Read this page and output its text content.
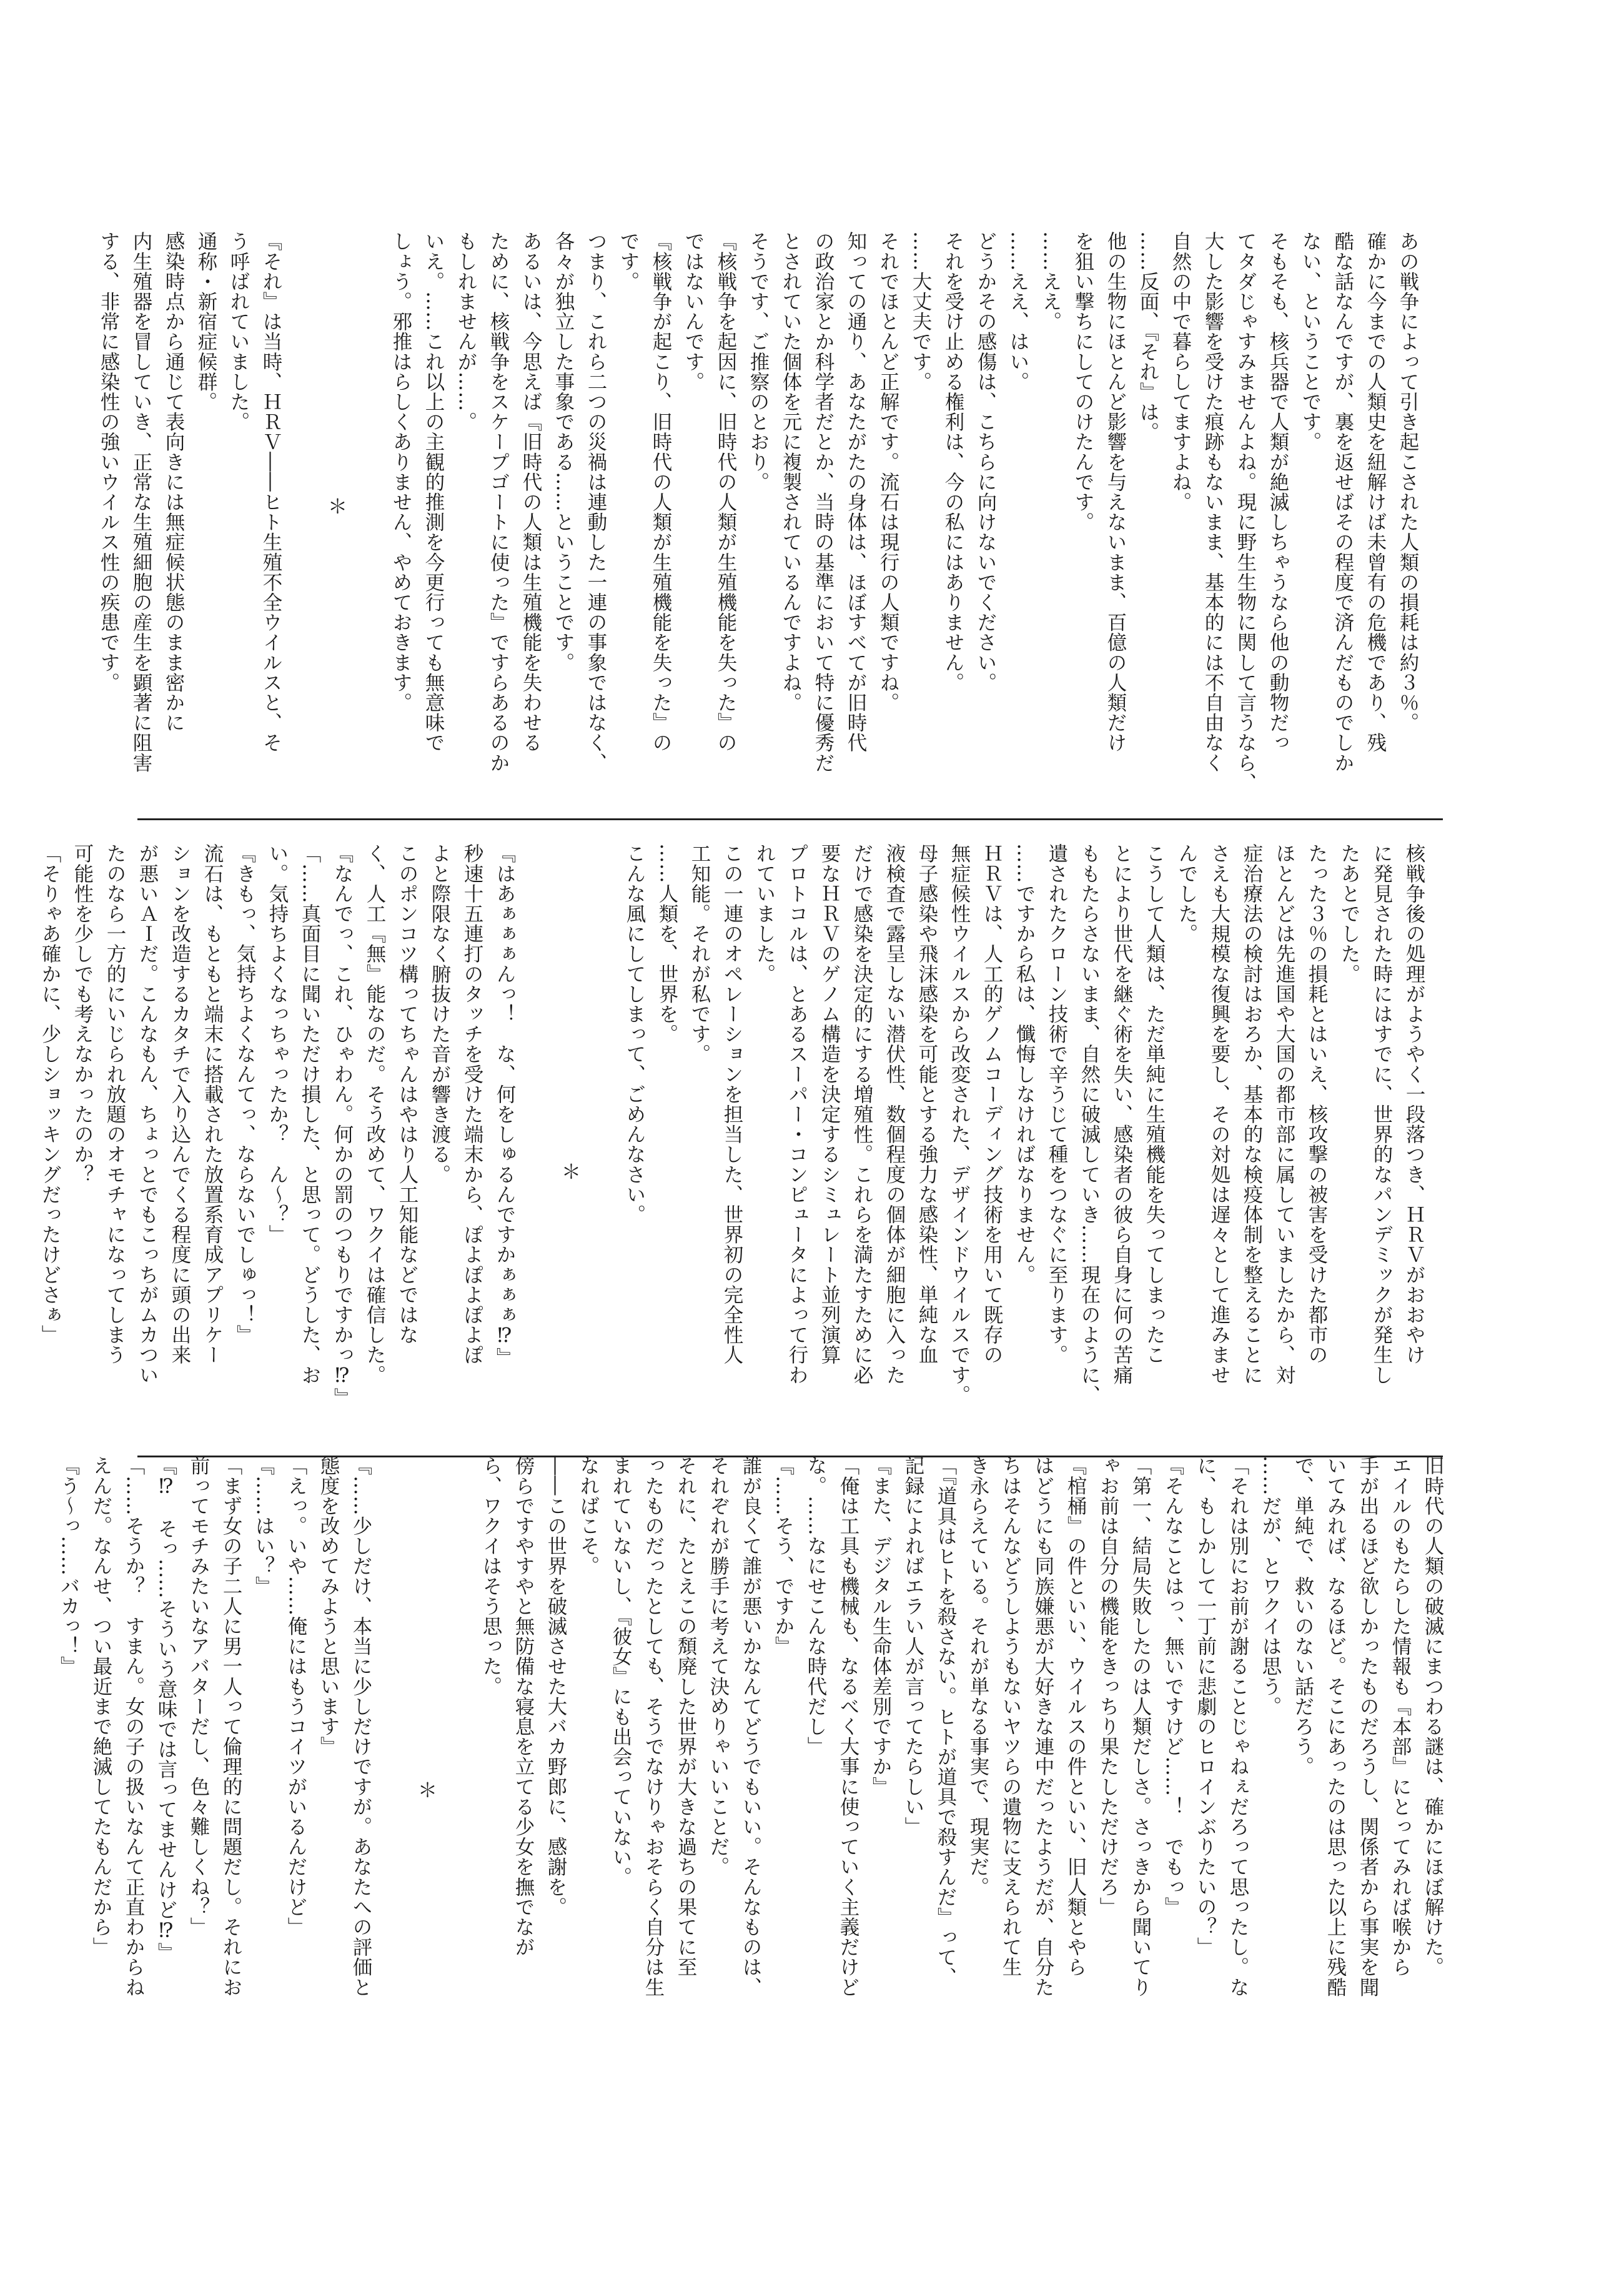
あの戦争によって引き起こされた人類の損耗は約３％。
確かに今までの人類史を紐解けば未曾有の危機であり、残
酷な話なんですが、裏を返せばその程度で済んだものでしか
ない、ということです。
そもそも、核兵器で人類が絶滅しちゃうなら他の動物だっ
てタダじゃすみませんよね。現に野生生物に関して言うなら、
大した影響を受けた痕跡もないまま、基本的には不自由なく
自然の中で暮らしてますよね。
……反面、『それ』は。
他の生物にほとんど影響を与えないまま、百億の人類だけ
を狙い撃ちにしてのけたんです。
……ええ。
……ええ、はい。
どうかその感傷は、こちらに向けないでください。
それを受け止める権利は、今の私にはありません。
……大丈夫です。
それでほとんど正解です。流石は現行の人類ですね。
知っての通り、あなたがたの身体は、ほぼすべてが旧時代
の政治家とか科学者だとか、当時の基準において特に優秀だ
とされていた個体を元に複製されているんですよね。
そうです、ご推察のとおり。
『核戦争を起因に、旧時代の人類が生殖機能を失った』の
ではないんです。
『核戦争が起こり、旧時代の人類が生殖機能を失った』の
です。
つまり、これら二つの災禍は連動した一連の事象ではなく、
各々が独立した事象である……ということです。
あるいは、今思えば『旧時代の人類は生殖機能を失わせる
ために、核戦争をスケープゴートに使った』ですらあるのか
もしれませんが……。
いえ。……これ以上の主観的推測を今更行っても無意味で
しょう。邪推はらしくありません、やめておきます。

＊

『それ』は当時、ＨＲＶ――ヒト生殖不全ウイルスと、そ
う呼ばれていました。
通称・新宿症候群。
感染時点から通じて表向きには無症候状態のまま密かに
内生殖器を冒していき、正常な生殖細胞の産生を顕著に阻害
する、非常に感染性の強いウイルス性の疾患です。
核戦争後の処理がようやく一段落つき、ＨＲＶがおおやけ
に発見された時にはすでに、世界的なパンデミックが発生し
たあとでした。
たった３％の損耗とはいえ、核攻撃の被害を受けた都市の
ほとんどは先進国や大国の都市部に属していましたから、対
症治療法の検討はおろか、基本的な検疫体制を整えることに
さえも大規模な復興を要し、その対処は遅々として進みませ
んでした。
こうして人類は、ただ単純に生殖機能を失ってしまったこ
とにより世代を継ぐ術を失い、感染者の彼ら自身に何の苦痛
ももたらさないまま、自然に破滅していき……現在のように、
遺されたクローン技術で辛うじて種をつなぐに至ります。
……ですから私は、懺悔しなければなりません。
ＨＲＶは、人工的ゲノムコーディング技術を用いて既存の
無症候性ウイルスから改変された、デザインドウイルスです。
母子感染や飛沫感染を可能とする強力な感染性、単純な血
液検査で露呈しない潜伏性、数個程度の個体が細胞に入った
だけで感染を決定的にする増殖性。これらを満たすために必
要なＨＲＶのゲノム構造を決定するシミュレート並列演算
プロトコルは、とあるスーパー・コンピュータによって行わ
れていました。
この一連のオペレーションを担当した、世界初の完全性人
工知能。それが私です。
……人類を、世界を。
こんな風にしてしまって、ごめんなさい。

＊

『はあぁぁぁんっ！　な、何をしゅるんですかぁぁぁ⁉』
秒速十五連打のタッチを受けた端末から、ぽよぽよぽよぽ
よと際限なく腑抜けた音が響き渡る。
このポンコツ構ってちゃんはやはり人工知能などではな
く、人工『無』能なのだ。そう改めて、ワクイは確信した。
『なんでっ、これ、ひゃわん。何かの罰のつもりですかっ⁉』
「……真面目に聞いただけ損した、と思って。どうした、お
い。気持ちよくなっちゃったか？　ん〜？」
『きもっ、気持ちよくなんてっ、ならないでしゅっ！』
流石は、もともと端末に搭載された放置系育成アプリケー
ションを改造するカタチで入り込んでくる程度に頭の出来
が悪いＡＩだ。こんなもん、ちょっとでもこっちがムカつい
たのなら一方的にいじられ放題のオモチャになってしまう
可能性を少しでも考えなかったのか？
「そりゃあ確かに、少しショッキングだったけどさぁ」
旧時代の人類の破滅にまつわる謎は、確かにほぼ解けた。
エイルのもたらした情報も『本部』にとってみれば喉から
手が出るほど欲しかったものだろうし、関係者から事実を聞
いてみれば、なるほど。そこにあったのは思った以上に残酷
で、単純で、救いのない話だろう。
……だが、とワクイは思う。
「それは別にお前が謝ることじゃねぇだろって思ったし。な
に、もしかして一丁前に悲劇のヒロインぶりたいの？」
『そんなことはっ、無いですけど……！　でもっ』
「第一、結局失敗したのは人類だしさ。さっきから聞いてり
ゃお前は自分の機能をきっちり果たしただけだろ」
『棺桶』の件といい、ウイルスの件といい、旧人類とやら
はどうにも同族嫌悪が大好きな連中だったようだが、自分た
ちはそんなどうしようもないヤツらの遺物に支えられて生
き永らえている。それが単なる事実で、現実だ。
「『道具はヒトを殺さない。ヒトが道具で殺すんだ』って、
記録によればエラい人が言ってたらしい」
『また、デジタル生命体差別ですか』
「俺は工具も機械も、なるべく大事に使っていく主義だけど
な。……なにせこんな時代だし」
『……そう、ですか』
誰が良くて誰が悪いかなんてどうでもいい。そんなものは、
それぞれが勝手に考えて決めりゃいいことだ。
それに、たとえこの頽廃した世界が大きな過ちの果てに至
ったものだったとしても、そうでなけりゃおそらく自分は生
まれていないし、『彼女』にも出会っていない。
なればこそ。
――この世界を破滅させた大バカ野郎に、感謝を。
傍らですやすやと無防備な寝息を立てる少女を撫でなが
ら、ワクイはそう思った。

＊

『……少しだけ、本当に少しだけですが。あなたへの評価と
態度を改めてみようと思います』
「えっ。いや……俺にはもうコイツがいるんだけど」
『……はい？』
「まず女の子二人に男一人って倫理的に問題だし。それにお
前ってモチみたいなアバターだし、色々難しくね？」
『⁉　そっ……そういう意味では言ってませんけど⁉』
「……そうか？　すまん。女の子の扱いなんて正直わからね
えんだ。なんせ、つい最近まで絶滅してたもんだから」
『う〜っ……バカっ！』
